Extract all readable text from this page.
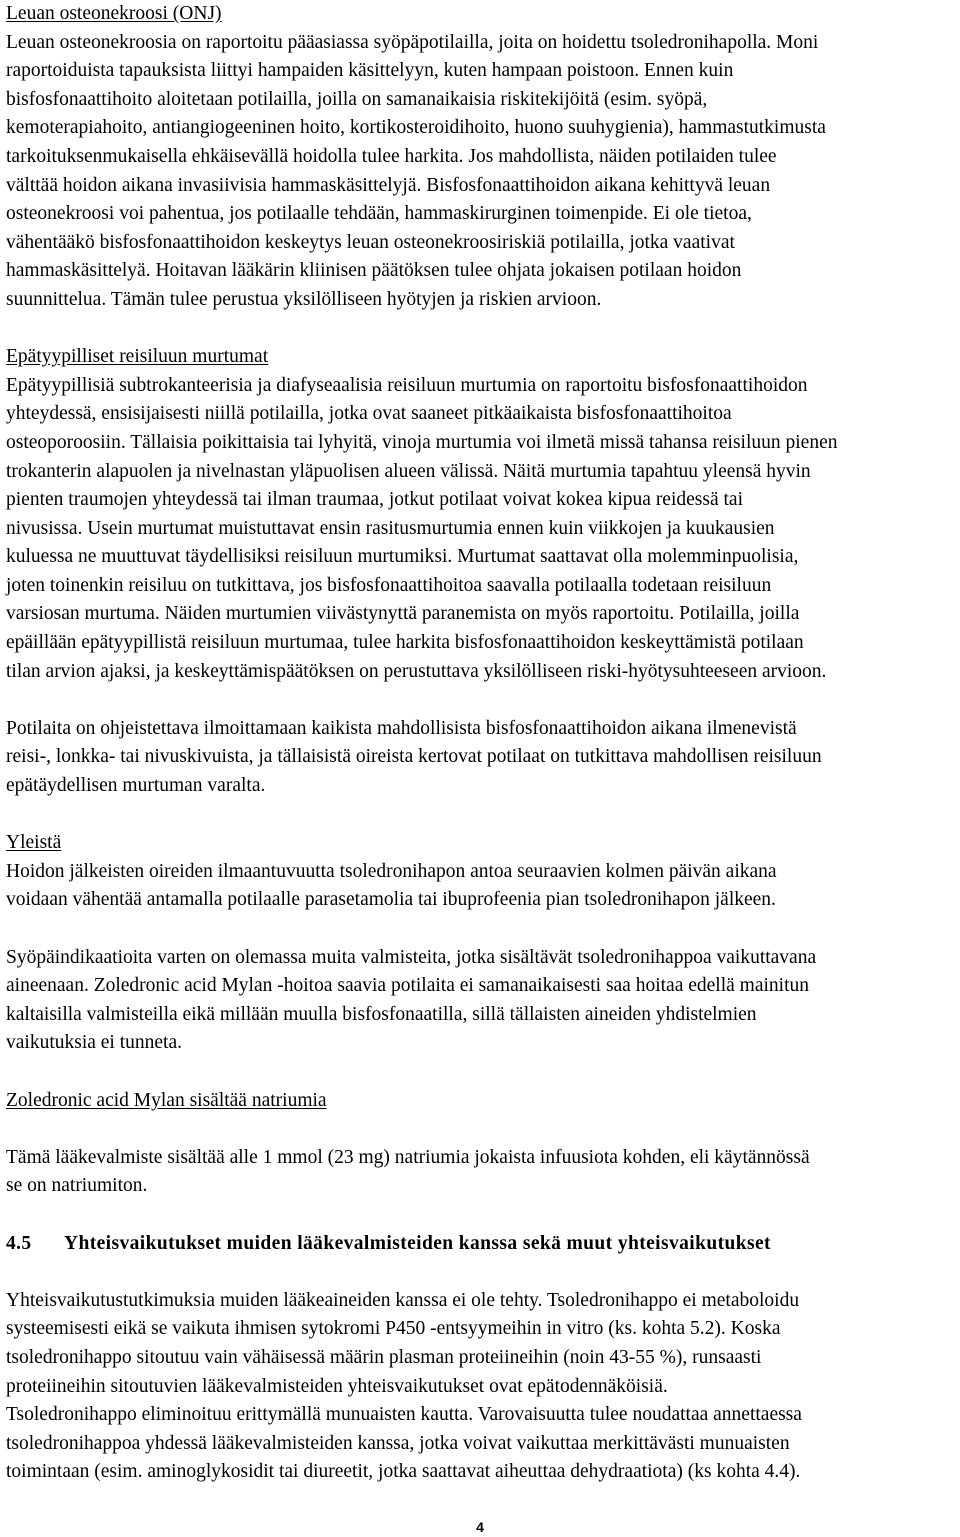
Leuan osteonekroosi (ONJ)
Leuan osteonekroosia on raportoitu pääasiassa syöpäpotilailla, joita on hoidettu tsoledronihapolla. Moni
raportoiduista tapauksista liittyi hampaiden käsittelyyn, kuten hampaan poistoon. Ennen kuin
bisfosfonaattihoito aloitetaan potilailla, joilla on samanaikaisia riskitekijöitä (esim. syöpä,
kemoterapiahoito, antiangiogeeninen hoito, kortikosteroidihoito, huono suuhygienia), hammastutkimusta
tarkoituksenmukaisella ehkäisevällä hoidolla tulee harkita. Jos mahdollista, näiden potilaiden tulee
välttää hoidon aikana invasiivisia hammaskäsittelyjä. Bisfosfonaattihoidon aikana kehittyvä leuan
osteonekroosi voi pahentua, jos potilaalle tehdään, hammaskirurginen toimenpide. Ei ole tietoa,
vähentääkö bisfosfonaattihoidon keskeytys leuan osteonekroosiriskiä potilailla, jotka vaativat
hammaskäsittelyä. Hoitavan lääkärin kliinisen päätöksen tulee ohjata jokaisen potilaan hoidon
suunnittelua. Tämän tulee perustua yksilölliseen hyötyjen ja riskien arvioon.
Epätyypilliset reisiluun murtumat
Epätyypillisiä subtrokanteerisia ja diafyseaalisia reisiluun murtumia on raportoitu bisfosfonaattihoidon
yhteydessä, ensisijaisesti niillä potilailla, jotka ovat saaneet pitkäaikaista bisfosfonaattihoitoa
osteoporoosiin. Tällaisia poikittaisia tai lyhyitä, vinoja murtumia voi ilmetä missä tahansa reisiluun pienen
trokanterin alapuolen ja nivelnastan yläpuolisen alueen välissä. Näitä murtumia tapahtuu yleensä hyvin
pienten traumojen yhteydessä tai ilman traumaa, jotkut potilaat voivat kokea kipua reidessä tai
nivusissa. Usein murtumat muistuttavat ensin rasitusmurtumia ennen kuin viikkojen ja kuukausien
kuluessa ne muuttuvat täydellisiksi reisiluun murtumiksi. Murtumat saattavat olla molemminpuolisia,
joten toinenkin reisiluu on tutkittava, jos bisfosfonaattihoitoa saavalla potilaalla todetaan reisiluun
varsiosan murtuma. Näiden murtumien viivästynyttä paranemista on myös raportoitu. Potilailla, joilla
epäillään epätyypillistä reisiluun murtumaa, tulee harkita bisfosfonaattihoidon keskeyttämistä potilaan
tilan arvion ajaksi, ja keskeyttämispäätöksen on perustuttava yksilölliseen riski-hyötysuhteeseen arvioon.
Potilaita on ohjeistettava ilmoittamaan kaikista mahdollisista bisfosfonaattihoidon aikana ilmenevistä
reisi-, lonkka- tai nivuskivuista, ja tällaisistä oireista kertovat potilaat on tutkittava mahdollisen reisiluun
epätäydellisen murtuman varalta.
Yleistä
Hoidon jälkeisten oireiden ilmaantuvuutta tsoledronihapon antoa seuraavien kolmen päivän aikana
voidaan vähentää antamalla potilaalle parasetamolia tai ibuprofeenia pian tsoledronihapon jälkeen.
Syöpäindikaatioita varten on olemassa muita valmisteita, jotka sisältävät tsoledronihappoa vaikuttavana
aineenaan. Zoledronic acid Mylan -hoitoa saavia potilaita ei samanaikaisesti saa hoitaa edellä mainitun
kaltaisilla valmisteilla eikä millään muulla bisfosfonaatilla, sillä tällaisten aineiden yhdistelmien
vaikutuksia ei tunneta.
Zoledronic acid Mylan sisältää natriumia
Tämä lääkevalmiste sisältää alle 1 mmol (23 mg) natriumia jokaista infuusiota kohden, eli käytännössä
se on natriumiton.
4.5 Yhteisvaikutukset muiden lääkevalmisteiden kanssa sekä muut yhteisvaikutukset
Yhteisvaikutustutkimuksia muiden lääkeaineiden kanssa ei ole tehty. Tsoledronihappo ei metaboloidu
systeemisesti eikä se vaikuta ihmisen sytokromi P450 -entsyymeihin in vitro (ks. kohta 5.2). Koska
tsoledronihappo sitoutuu vain vähäisessä määrin plasman proteiineihin (noin 43-55 %), runsaasti
proteiineihin sitoutuvien lääkevalmisteiden yhteisvaikutukset ovat epätodennäköisiä.
Tsoledronihappo eliminoituu erittymällä munuaisten kautta. Varovaisuutta tulee noudattaa annettaessa
tsoledronihappoa yhdessä lääkevalmisteiden kanssa, jotka voivat vaikuttaa merkittävästi munuaisten
toimintaan (esim. aminoglykosidit tai diureetit, jotka saattavat aiheuttaa dehydraatiota) (ks kohta 4.4).
4
